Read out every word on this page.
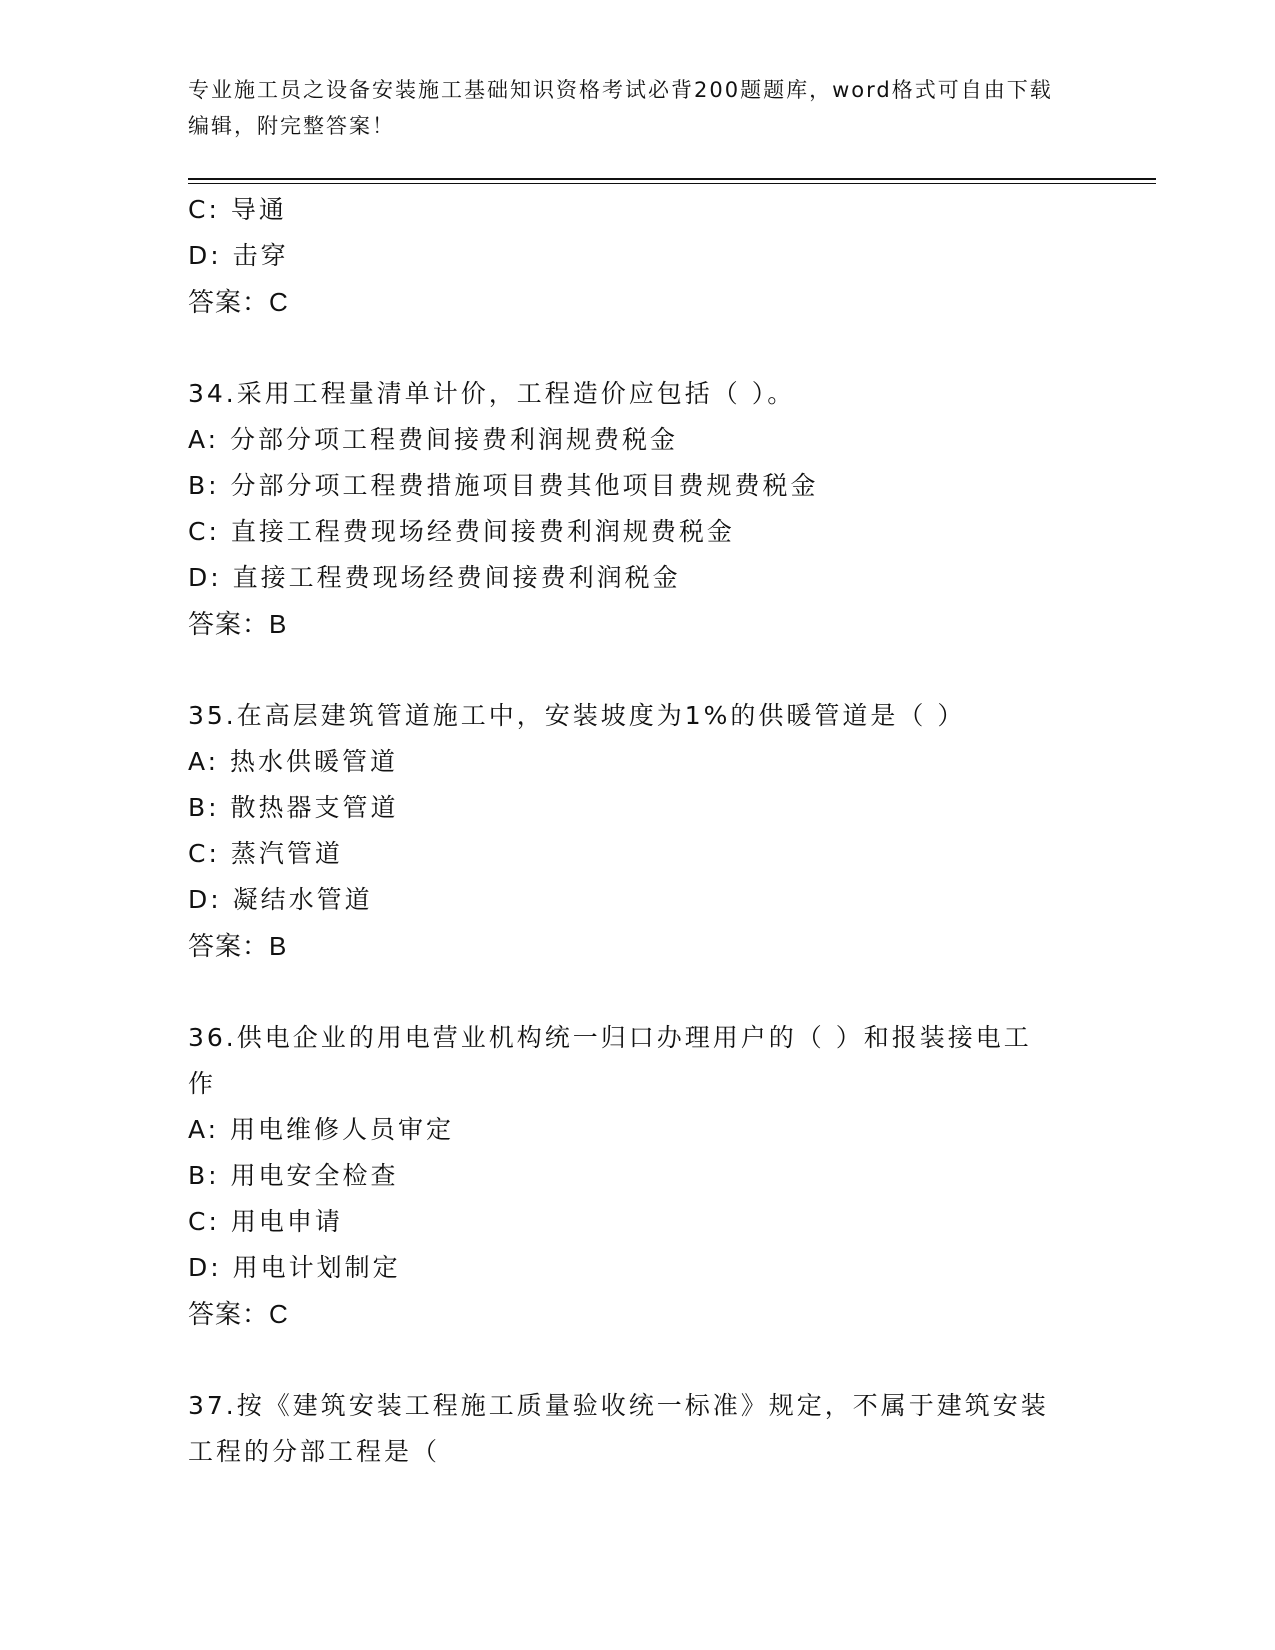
专业施工员之设备安装施工基础知识资格考试必背200题题库，word格式可自由下载编辑，附完整答案！
C: 导通
D: 击穿
答案：C
34.采用工程量清单计价，工程造价应包括（ ）。
A: 分部分项工程费间接费利润规费税金
B: 分部分项工程费措施项目费其他项目费规费税金
C: 直接工程费现场经费间接费利润规费税金
D: 直接工程费现场经费间接费利润税金
答案：B
35.在高层建筑管道施工中，安装坡度为1%的供暖管道是（ ）
A: 热水供暖管道
B: 散热器支管道
C: 蒸汽管道
D: 凝结水管道
答案：B
36.供电企业的用电营业机构统一归口办理用户的（ ）和报装接电工作
A: 用电维修人员审定
B: 用电安全检查
C: 用电申请
D: 用电计划制定
答案：C
37.按《建筑安装工程施工质量验收统一标准》规定，不属于建筑安装工程的分部工程是（
